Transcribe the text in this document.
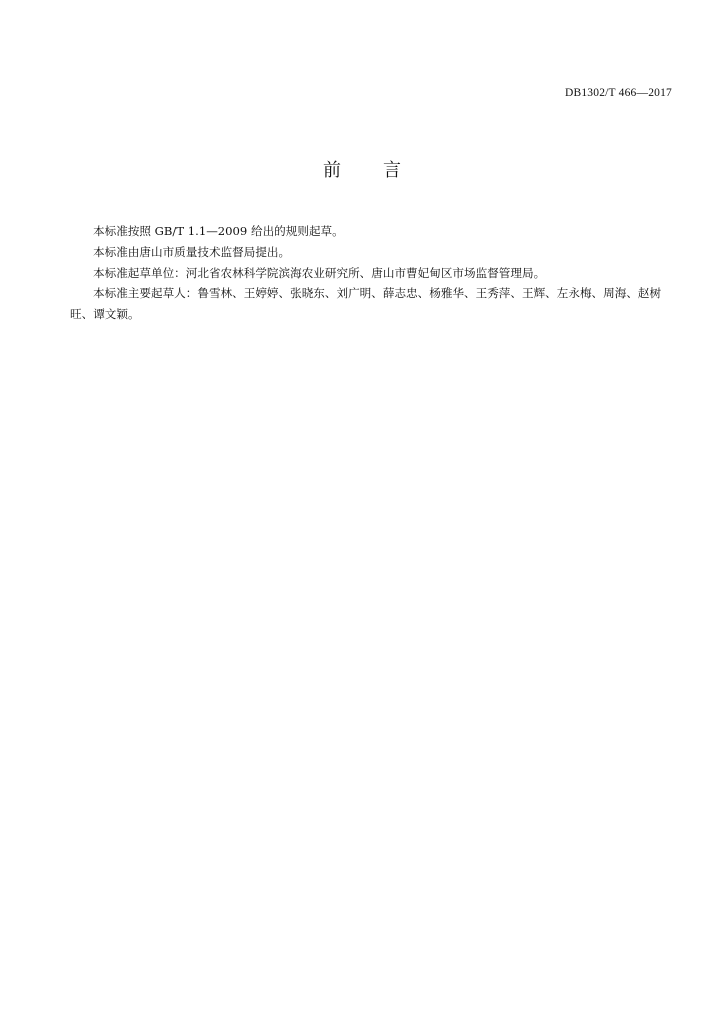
DB1302/T 466—2017
前 言

本标准按照 GB/T 1.1—2009 给出的规则起草。

本标准由唐山市质量技术监督局提出。

本标准起草单位：河北省农林科学院滨海农业研究所、唐山市曹妃甸区市场监督管理局。

本标准主要起草人：鲁雪林、王婷婷、张晓东、刘广明、薛志忠、杨雅华、王秀萍、王辉、左永梅、周海、赵树旺、谭文颖。
